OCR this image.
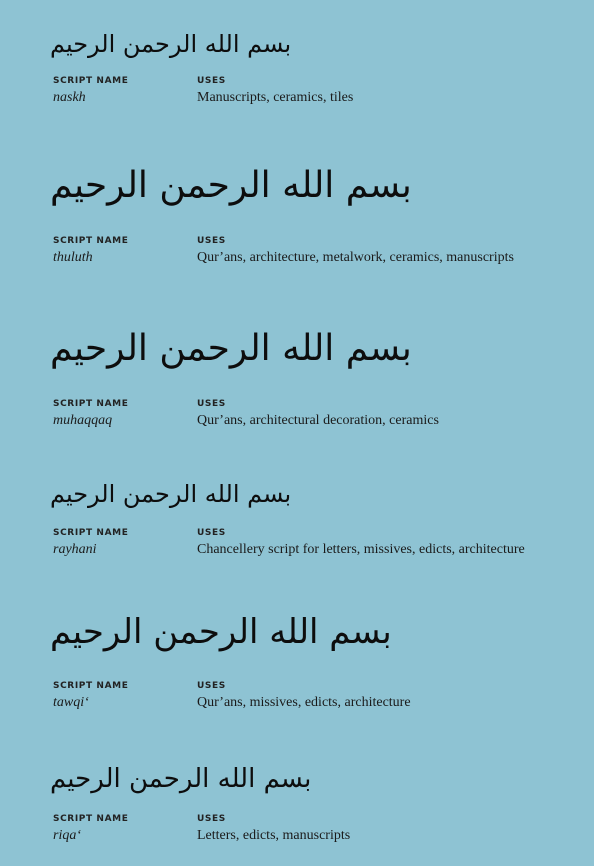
بسم الله الرحمن الرحيم
SCRIPT NAME	USES
naskh	Manuscripts, ceramics, tiles
بسم الله الرحمن الرحيم
SCRIPT NAME	USES
thuluth	Qur’ans, architecture, metalwork, ceramics, manuscripts
بسم الله الرحمن الرحيم
SCRIPT NAME	USES
muhaqqaq	Qur’ans, architectural decoration, ceramics
بسم الله الرحمن الرحيم
SCRIPT NAME	USES
rayhani	Chancellery script for letters, missives, edicts, architecture
بسم الله الرحمن الرحيم
SCRIPT NAME	USES
tawqi‘	Qur’ans, missives, edicts, architecture
بسم الله الرحمن الرحيم
SCRIPT NAME	USES
riqa‘	Letters, edicts, manuscripts
